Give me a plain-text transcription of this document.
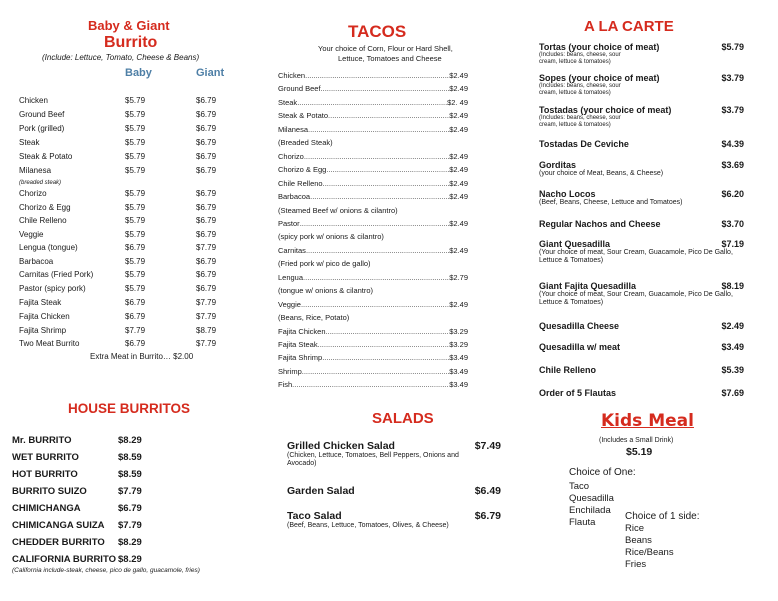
Baby & Giant
Burrito
(Include: Lettuce, Tomato, Cheese & Beans)
Baby	Giant
Chicken	$5.79	$6.79
Ground Beef	$5.79	$6.79
Pork (grilled)	$5.79	$6.79
Steak	$5.79	$6.79
Steak & Potato	$5.79	$6.79
Milanesa	$5.79	$6.79
(breaded steak)
Chorizo	$5.79	$6.79
Chorizo & Egg	$5.79	$6.79
Chile Relleno	$5.79	$6.79
Veggie	$5.79	$6.79
Lengua (tongue)	$6.79	$7.79
Barbacoa	$5.79	$6.79
Carnitas (Fried Pork)	$5.79	$6.79
Pastor (spicy pork)	$5.79	$6.79
Fajita Steak	$6.79	$7.79
Fajita Chicken	$6.79	$7.79
Fajita Shrimp	$7.79	$8.79
Two Meat Burrito	$6.79	$7.79
Extra Meat in Burrito… $2.00
HOUSE BURRITOS
Mr. BURRITO	$8.29
WET BURRITO	$8.59
HOT BURRITO	$8.59
BURRITO SUIZO	$7.79
CHIMICHANGA	$6.79
CHIMICANGA SUIZA $7.79
CHEDDER BURRITO $8.29
CALIFORNIA BURRITO $8.29
(California include-steak, cheese, pico de gallo, guacamole, fries)
TACOS
Your choice of Corn, Flour or Hard Shell,
Lettuce, Tomatoes and Cheese
Chicken .....	$2.49
Ground Beef .....	$2.49
Steak .....	$2. 49
Steak & Potato .....	$2.49
Milanesa .....	$2.49
(Breaded Steak)
Chorizo .....	$2.49
Chorizo & Egg .....	$2.49
Chile Relleno .....	$2.49
Barbacoa .....	$2.49
(Steamed Beef w/ onions & cilantro)
Pastor .....	$2.49
(spicy pork w/ onions & cilantro)
Carnitas .....	$2.49
(Fried pork w/ pico de gallo)
Lengua .....	$2.79
(tongue w/ onions & cilantro)
Veggie .....	$2.49
(Beans, Rice, Potato)
Fajita Chicken .....	$3.29
Fajita Steak .....	$3.29
Fajita Shrimp .....	$3.49
Shrimp .....	$3.49
Fish .....	$3.49
SALADS
Grilled Chicken Salad	$7.49
(Chicken, Lettuce, Tomatoes, Bell Peppers, Onions and Avocado)
Garden Salad	$6.49
Taco Salad	$6.79
(Beef, Beans, Lettuce, Tomatoes, Olives, & Cheese)
A LA CARTE
Tortas (your choice of meat)	$5.79
(Includes: beans, cheese, sour cream, lettuce & tomatoes)
Sopes (your choice of meat)	$3.79
(Includes: beans, cheese, sour cream, lettuce & tomatoes)
Tostadas (your choice of meat)	$3.79
(Includes: beans, cheese, sour cream, lettuce & tomatoes)
Tostadas De Ceviche	$4.39
Gorditas	$3.69
(your choice of Meat, Beans, & Cheese)
Nacho Locos	$6.20
(Beef, Beans, Cheese, Lettuce and Tomatoes)
Regular Nachos and Cheese	$3.70
Giant Quesadilla	$7.19
(Your choice of meat, Sour Cream, Guacamole, Pico De Gallo, Lettuce & Tomatoes)
Giant Fajita Quesadilla	$8.19
(Your choice of meat, Sour Cream, Guacamole, Pico De Gallo, Lettuce & Tomatoes)
Quesadilla Cheese	$2.49
Quesadilla w/ meat	$3.49
Chile Relleno	$5.39
Order of 5 Flautas	$7.69
Kids Meal
(Includes a Small Drink)
$5.19
Choice of One:
Taco
Quesadilla
Enchilada
Flauta
Choice of 1 side:
Rice
Beans
Rice/Beans
Fries
